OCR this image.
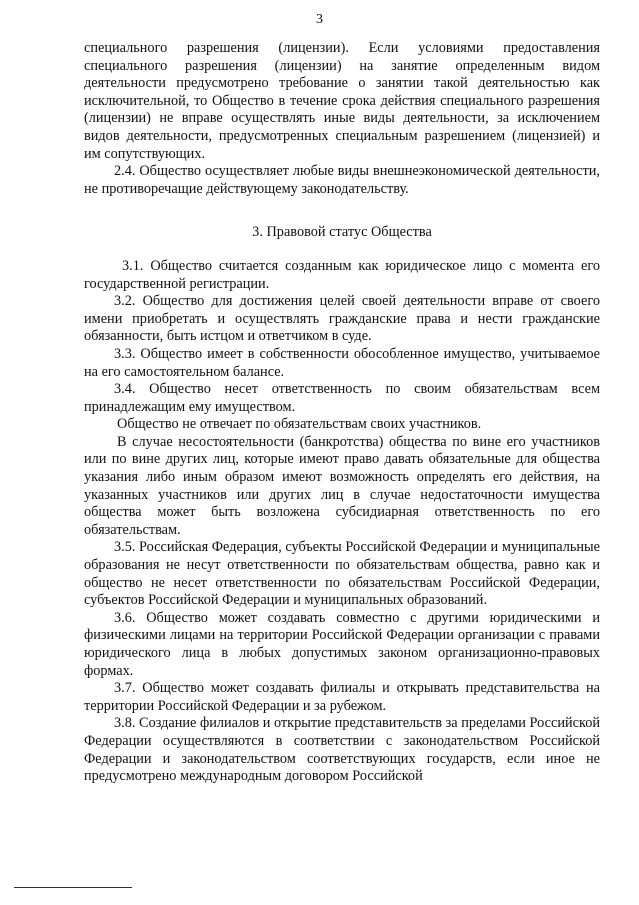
3

специального разрешения (лицензии). Если условиями предоставления специального разрешения (лицензии) на занятие определенным видом деятельности предусмотрено требование о занятии такой деятельностью как исключительной, то Общество в течение срока действия специального разрешения (лицензии) не вправе осуществлять иные виды деятельности, за исключением видов деятельности, предусмотренных специальным разрешением (лицензией) и им сопутствующих.

2.4. Общество осуществляет любые виды внешнеэкономической деятельности, не противоречащие действующему законодательству.

3. Правовой статус Общества

3.1. Общество считается созданным как юридическое лицо с момента его государственной регистрации.

3.2. Общество для достижения целей своей деятельности вправе от своего имени приобретать и осуществлять гражданские права и нести гражданские обязанности, быть истцом и ответчиком в суде.

3.3. Общество имеет в собственности обособленное имущество, учитываемое на его самостоятельном балансе.

3.4. Общество несет ответственность по своим обязательствам всем принадлежащим ему имуществом.

Общество не отвечает по обязательствам своих участников.

В случае несостоятельности (банкротства) общества по вине его участников или по вине других лиц, которые имеют право давать обязательные для общества указания либо иным образом имеют возможность определять его действия, на указанных участников или других лиц в случае недостаточности имущества общества может быть возложена субсидиарная ответственность по его обязательствам.

3.5. Российская Федерация, субъекты Российской Федерации и муниципальные образования не несут ответственности по обязательствам общества, равно как и общество не несет ответственности по обязательствам Российской Федерации, субъектов Российской Федерации и муниципальных образований.

3.6. Общество может создавать совместно с другими юридическими и физическими лицами на территории Российской Федерации организации с правами юридического лица в любых допустимых законом организационно-правовых формах.

3.7. Общество может создавать филиалы и открывать представительства на территории Российской Федерации и за рубежом.

3.8. Создание филиалов и открытие представительств за пределами Российской Федерации осуществляются в соответствии с законодательством Российской Федерации и законодательством соответствующих государств, если иное не предусмотрено международным договором Российской
